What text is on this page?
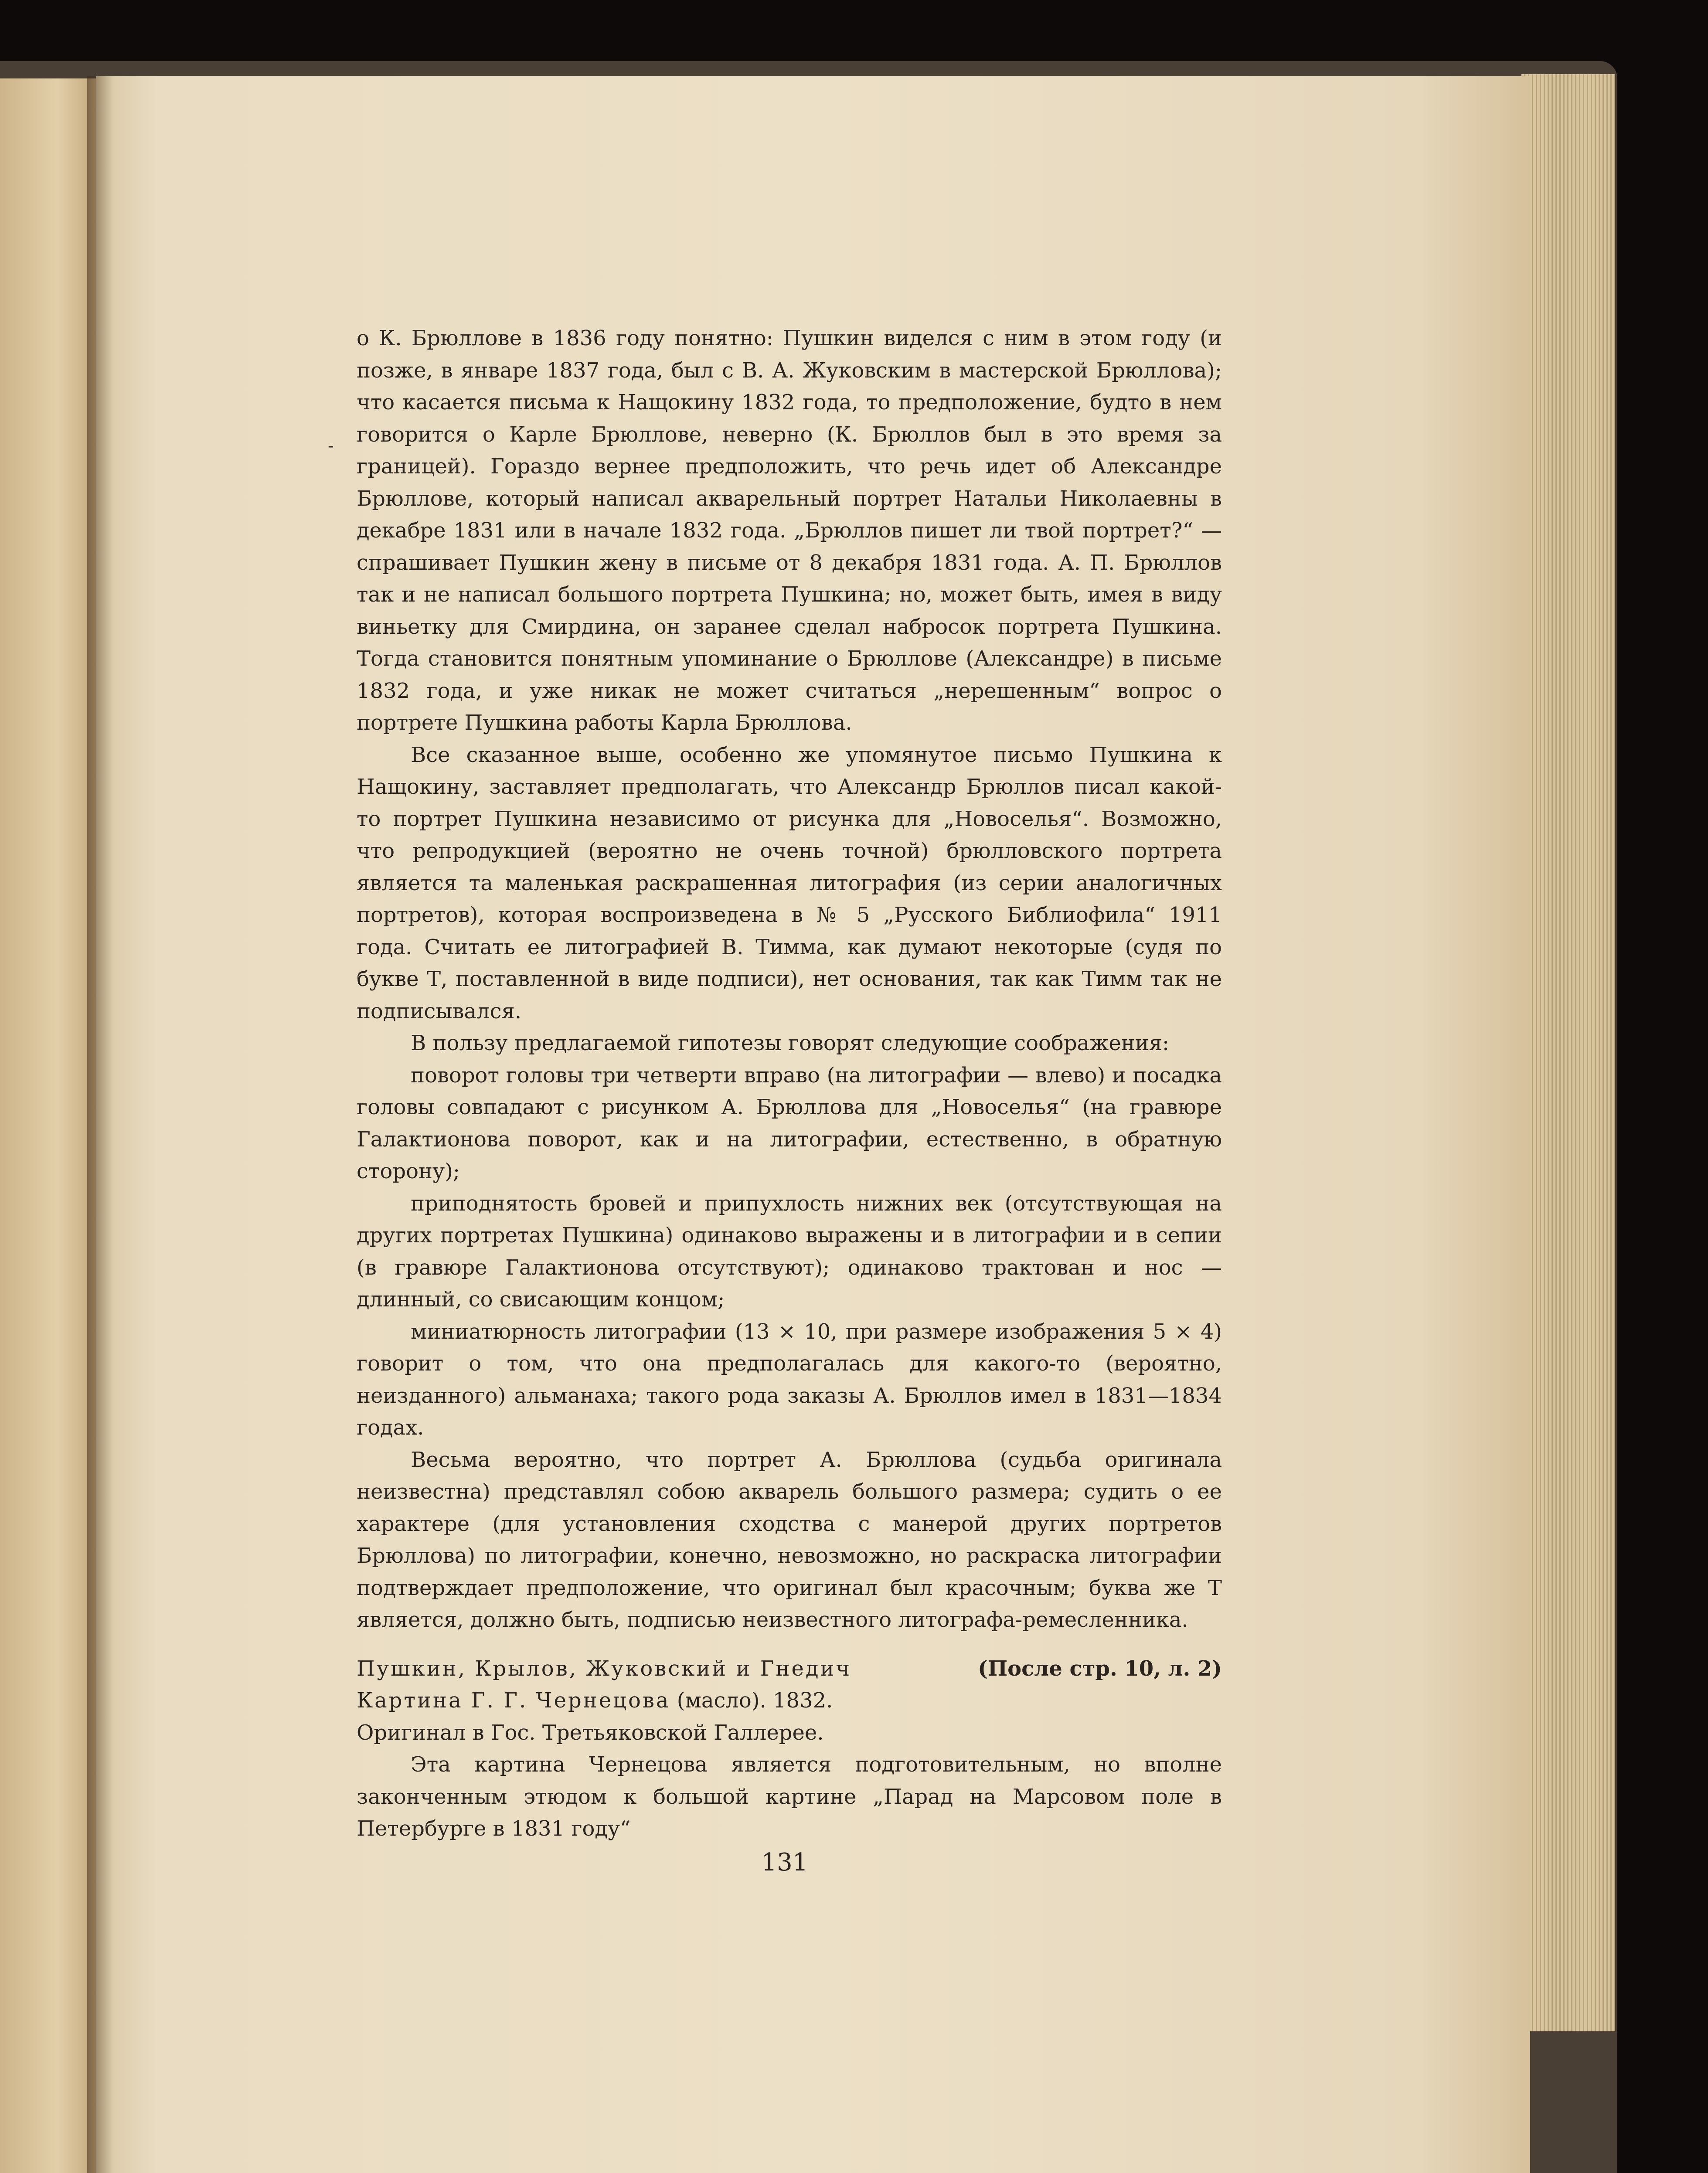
-

о К. Брюллове в 1836 году понятно: Пушкин виделся с ним в этом году (и позже, в январе 1837 года, был с В. А. Жуковским в мастерской Брюллова); что касается письма к Нащокину 1832 года, то предположение, будто в нем говорится о Карле Брюллове, неверно (К. Брюллов был в это время за границей). Гораздо вернее предположить, что речь идет об Александре Брюллове, который написал акварельный портрет Натальи Николаевны в декабре 1831 или в начале 1832 года. „Брюллов пишет ли твой портрет?“ — спрашивает Пушкин жену в письме от 8 декабря 1831 года. А. П. Брюллов так и не написал большого портрета Пушкина; но, может быть, имея в виду виньетку для Смирдина, он заранее сделал набросок портрета Пушкина. Тогда становится понятным упоминание о Брюллове (Александре) в письме 1832 года, и уже никак не может считаться „нерешенным“ вопрос о портрете Пушкина работы Карла Брюллова.

Все сказанное выше, особенно же упомянутое письмо Пушкина к Нащокину, заставляет предполагать, что Александр Брюллов писал какой-то портрет Пушкина независимо от рисунка для „Новоселья“. Возможно, что репродукцией (вероятно не очень точной) брюлловского портрета является та маленькая раскрашенная литография (из серии аналогичных портретов), которая воспроизведена в № 5 „Русского Библиофила“ 1911 года. Считать ее литографией В. Тимма, как думают некоторые (судя по букве Т, поставленной в виде подписи), нет основания, так как Тимм так не подписывался.

В пользу предлагаемой гипотезы говорят следующие соображения:

поворот головы три четверти вправо (на литографии — влево) и посадка головы совпадают с рисунком А. Брюллова для „Новоселья“ (на гравюре Галактионова поворот, как и на литографии, естественно, в обратную сторону);

приподнятость бровей и припухлость нижних век (отсутствующая на других портретах Пушкина) одинаково выражены и в литографии и в сепии (в гравюре Галактионова отсутствуют); одинаково трактован и нос — длинный, со свисающим концом;

миниатюрность литографии (13 × 10, при размере изображения 5 × 4) говорит о том, что она предполагалась для какого-то (вероятно, неизданного) альманаха; такого рода заказы А. Брюллов имел в 1831—1834 годах.

Весьма вероятно, что портрет А. Брюллова (судьба оригинала неизвестна) представлял собою акварель большого размера; судить о ее характере (для установления сходства с манерой других портретов Брюллова) по литографии, конечно, невозможно, но раскраска литографии подтверждает предположение, что оригинал был красочным; буква же Т является, должно быть, подписью неизвестного литографа-ремесленника.

Пушкин, Крылов, Жуковский и Гнедич	(После стр. 10, л. 2)

Картина Г. Г. Чернецова (масло). 1832.

Оригинал в Гос. Третьяковской Галлерее.

Эта картина Чернецова является подготовительным, но вполне законченным этюдом к большой картине „Парад на Марсовом поле в Петербурге в 1831 году“

131
